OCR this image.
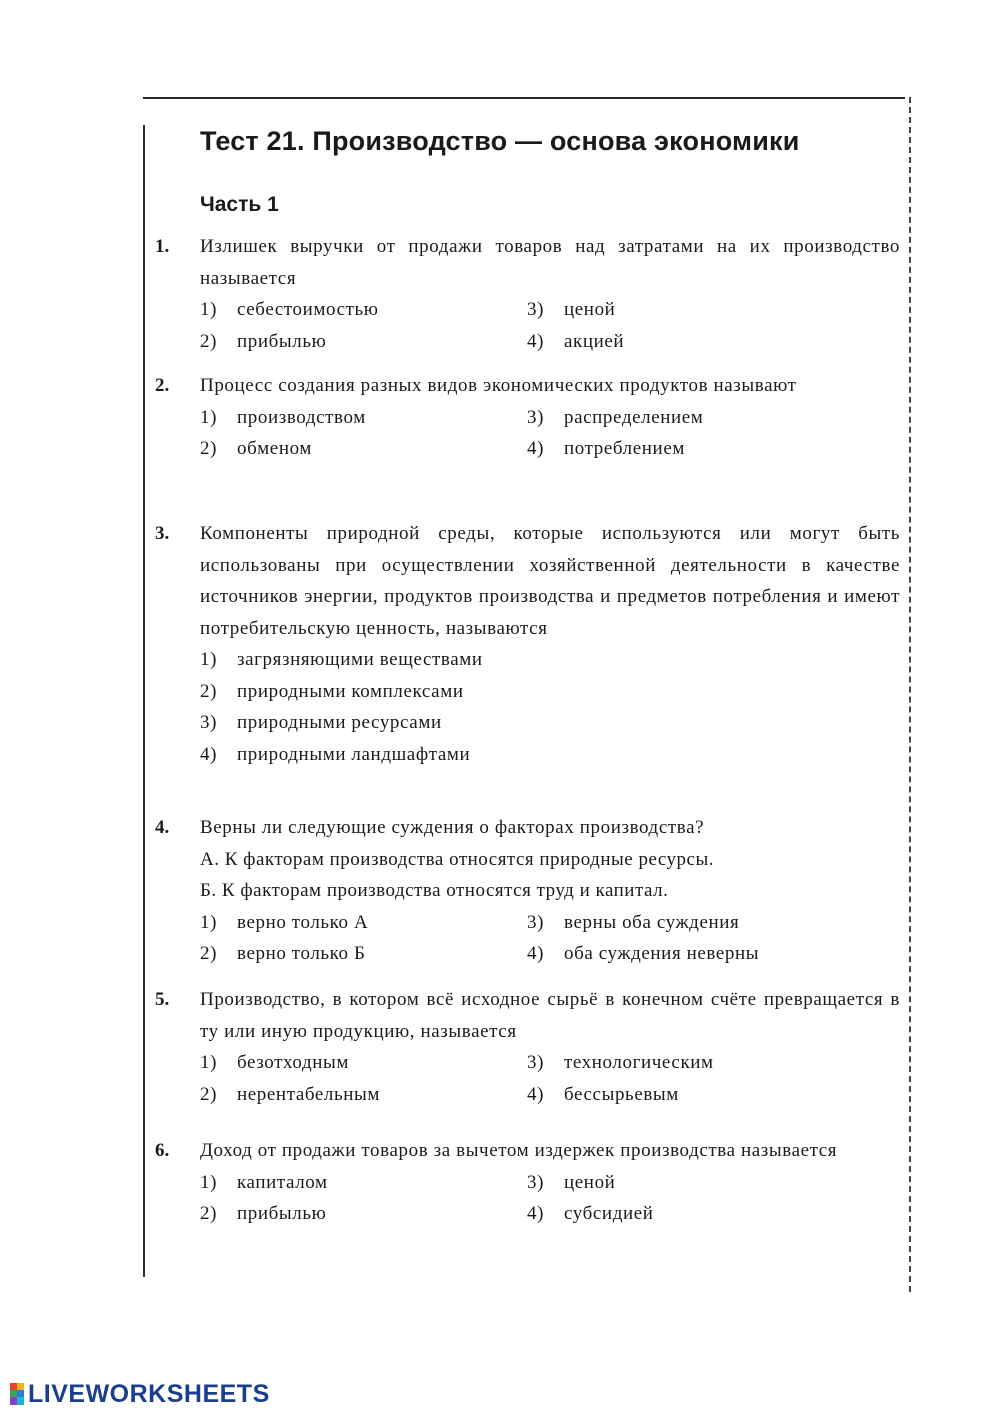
Тест 21. Производство — основа экономики
Часть 1
1. Излишек выручки от продажи товаров над затратами на их производство называется
1) себестоимостью	3) ценой
2) прибылью	4) акцией
2. Процесс создания разных видов экономических продуктов называют
1) производством	3) распределением
2) обменом	4) потреблением
3. Компоненты природной среды, которые используются или могут быть использованы при осуществлении хозяйственной деятельности в качестве источников энергии, продуктов производства и предметов потребления и имеют потребительскую ценность, называются
1) загрязняющими веществами
2) природными комплексами
3) природными ресурсами
4) природными ландшафтами
4. Верны ли следующие суждения о факторах производства?
А. К факторам производства относятся природные ресурсы.
Б. К факторам производства относятся труд и капитал.
1) верно только А	3) верны оба суждения
2) верно только Б	4) оба суждения неверны
5. Производство, в котором всё исходное сырьё в конечном счёте превращается в ту или иную продукцию, называется
1) безотходным	3) технологическим
2) нерентабельным	4) бессырьевым
6. Доход от продажи товаров за вычетом издержек производства называется
1) капиталом	3) ценой
2) прибылью	4) субсидией
LIVEWORKSHEETS
